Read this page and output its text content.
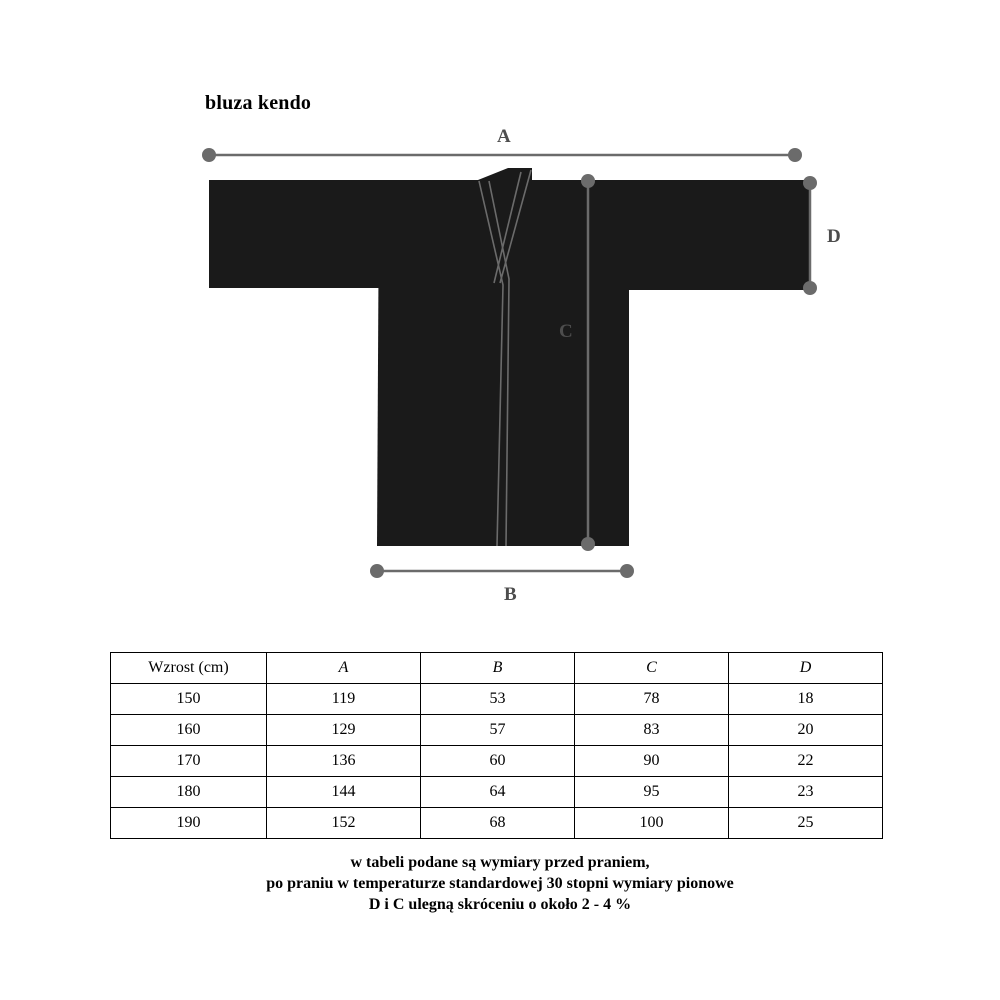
bluza kendo
A
B
C
D
Wzrost (cm)	A	B	C	D
150	119	53	78	18
160	129	57	83	20
170	136	60	90	22
180	144	64	95	23
190	152	68	100	25
w tabeli podane są wymiary przed praniem,
po praniu w temperaturze standardowej 30 stopni wymiary pionowe
D i C ulegną skróceniu o około 2 - 4 %
